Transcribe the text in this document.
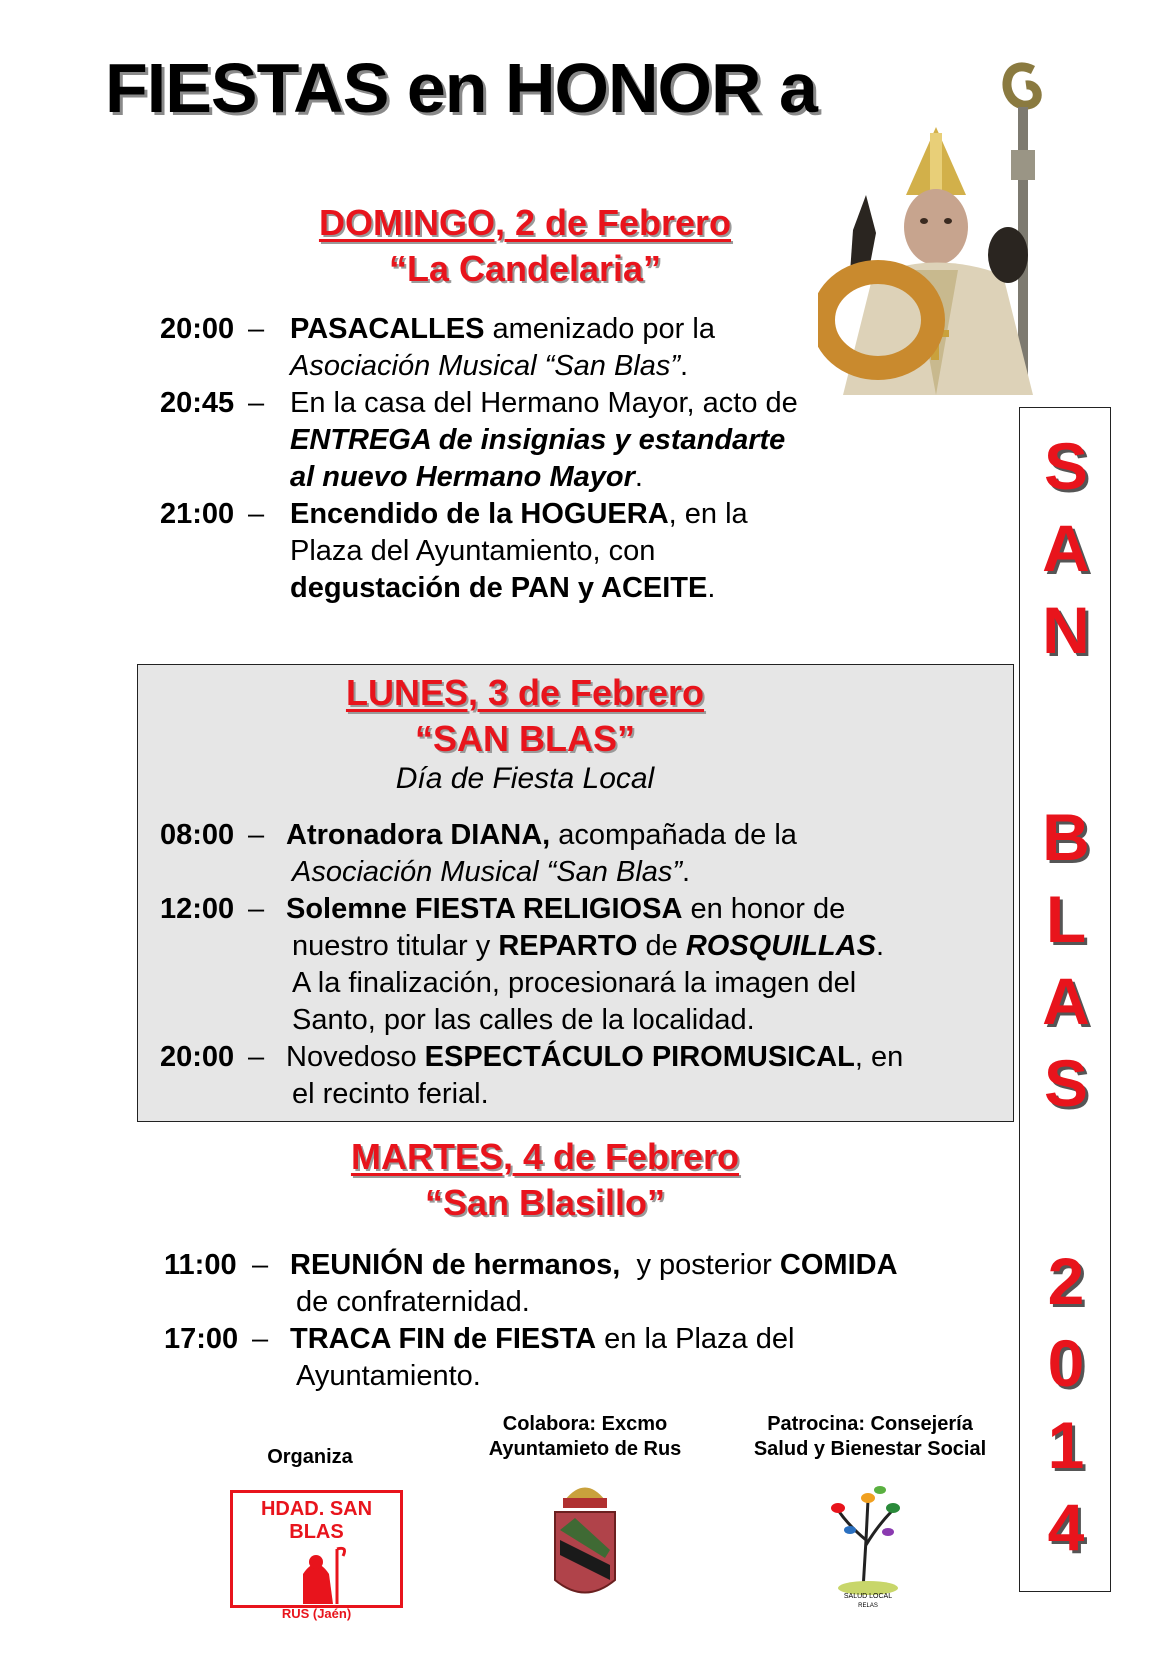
FIESTAS en HONOR a
DOMINGO, 2 de Febrero
“La Candelaria”
20:00 – PASACALLES amenizado por la
Asociación Musical “San Blas”.
20:45 – En la casa del Hermano Mayor, acto de
ENTREGA de insignias y estandarte
al nuevo Hermano Mayor.
21:00 – Encendido de la HOGUERA, en la
Plaza del Ayuntamiento, con
degustación de PAN y ACEITE.
LUNES, 3 de Febrero
“SAN BLAS”
Día de Fiesta Local
08:00 – Atronadora DIANA, acompañada de la
Asociación Musical “San Blas”.
12:00 – Solemne FIESTA RELIGIOSA en honor de
nuestro titular y REPARTO de ROSQUILLAS.
A la finalización, procesionará la imagen del
Santo, por las calles de la localidad.
20:00 – Novedoso ESPECTÁCULO PIROMUSICAL, en
el recinto ferial.
MARTES, 4 de Febrero
“San Blasillo”
11:00 – REUNIÓN de hermanos,  y posterior COMIDA
de confraternidad.
17:00 – TRACA FIN de FIESTA en la Plaza del
Ayuntamiento.
S
A
N
B
L
A
S
2
0
1
4
Organiza
HDAD. SAN BLAS
RUS (Jaén)
Colabora: Excmo
Ayuntamieto de Rus
Patrocina: Consejería
Salud y Bienestar Social
SALUD LOCAL
RELAS
